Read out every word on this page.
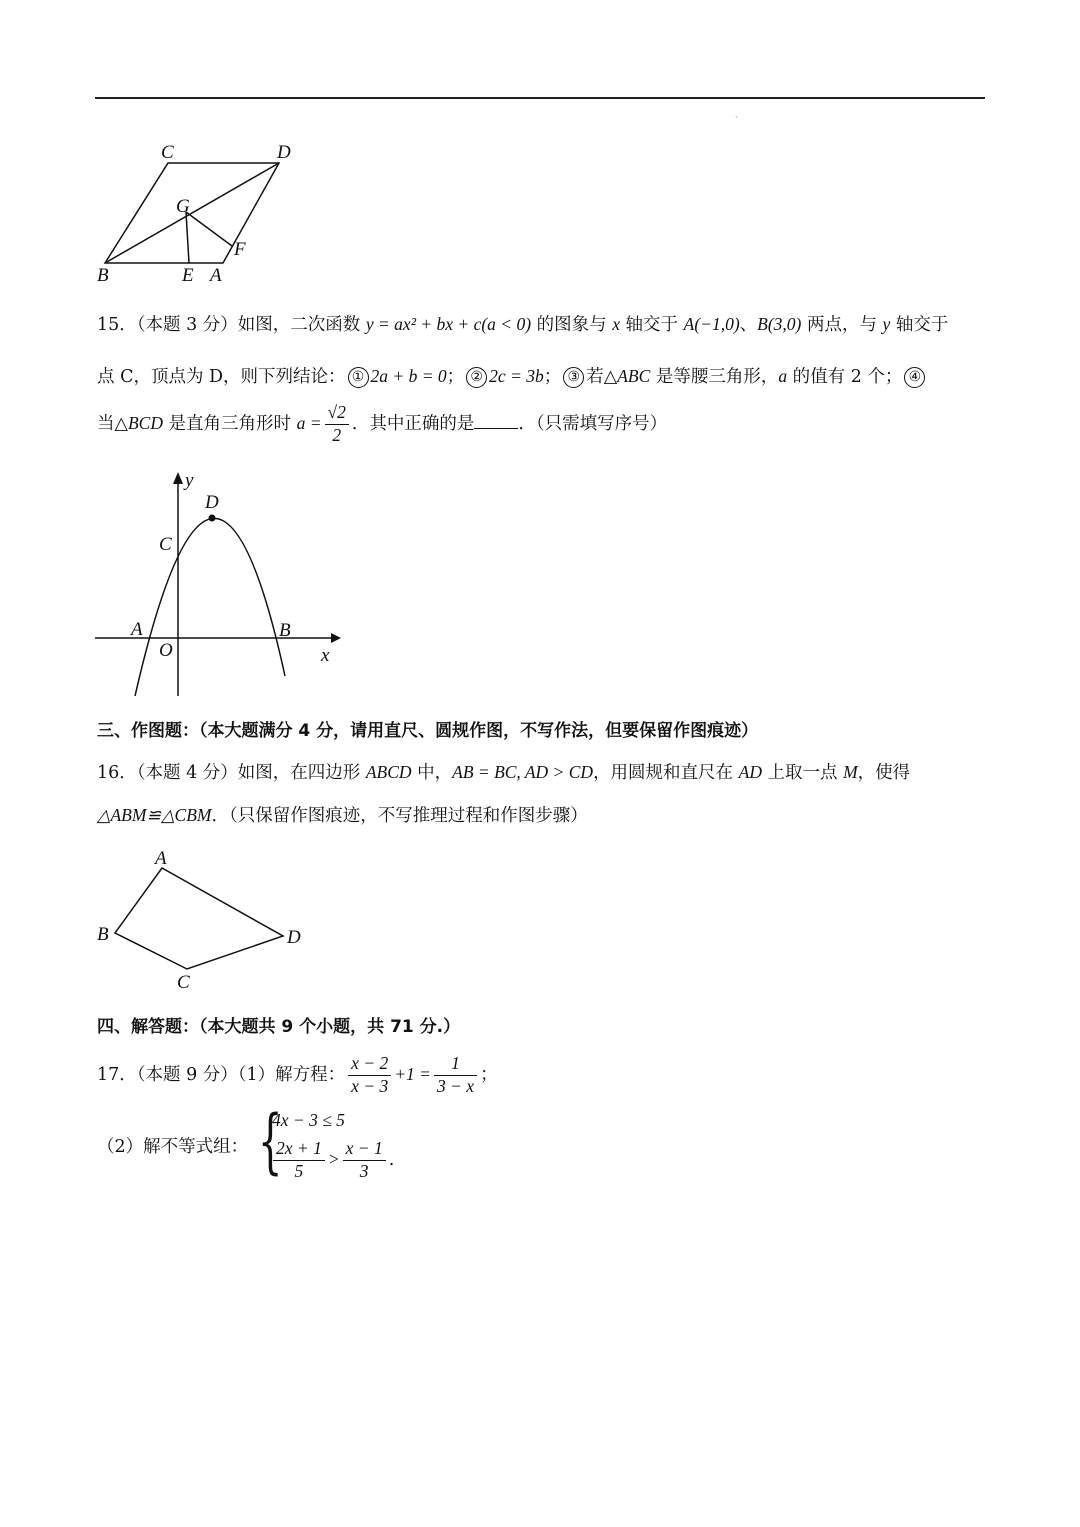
·
C	D
G
F
B	E A
15．（本题 3 分）如图，二次函数 y = ax² + bx + c(a < 0) 的图象与 x 轴交于 A(−1,0)、B(3,0) 两点，与 y 轴交于
点 C，顶点为 D，则下列结论： ① 2a + b = 0； ② 2c = 3b； ③ 若△ABC 是等腰三角形，a 的值有 2 个； ④
当△BCD 是直角三角形时 $a = \frac{√2}{2}$ ．其中正确的是	．（只需填写序号）
y
D
C
A	B
O	x
三、作图题：（本大题满分 4 分，请用直尺、圆规作图，不写作法，但要保留作图痕迹）
16．（本题 4 分）如图，在四边形 ABCD 中，AB = BC, AD > CD，用圆规和直尺在 AD 上取一点 M，使得
△ABM≌△CBM．（只保留作图痕迹，不写推理过程和作图步骤）
A
B
C
D
四、解答题：（本大题共 9 个小题，共 71 分.）
17．（本题 9 分）（1）解方程： $\frac{x - 2}{x - 3} +1 = \frac{1}{3 - x}$ ；
（2）解不等式组： {
4x − 3 ≤ 5
$\frac{2x + 1}{5} > \frac{x - 1}{3}$ .
